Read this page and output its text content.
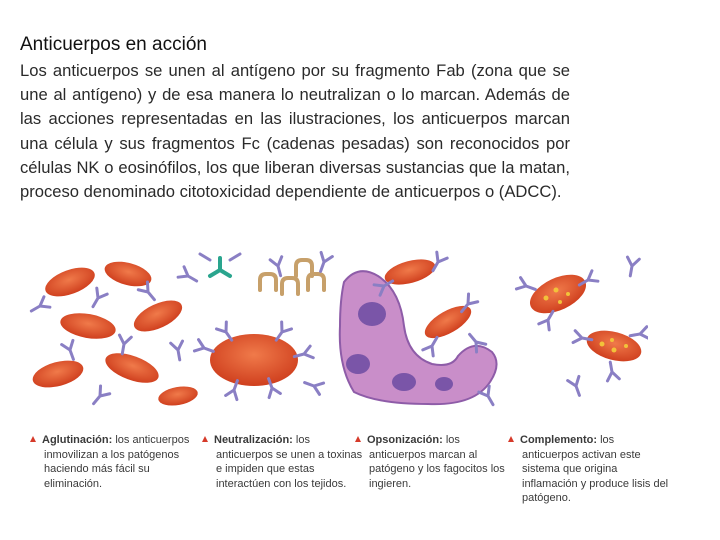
Anticuerpos en acción
Los anticuerpos se unen al antígeno por su fragmento Fab (zona que se une al antígeno) y de esa manera lo neutralizan o lo marcan. Además de las acciones representadas en las ilustraciones, los anticuerpos marcan una célula y sus fragmentos Fc (cadenas pesadas) son reconocidos por células NK o eosinófilos, los que liberan diversas sustancias que la matan, proceso denominado citotoxicidad dependiente de anticuerpos o (ADCC).
Aglutinación: los anticuerpos inmovilizan a los patógenos haciendo más fácil su eliminación.
Neutralización: los anticuerpos se unen a toxinas e impiden que estas interactúen con los tejidos.
Opsonización: los anticuerpos marcan al patógeno y los fagocitos los ingieren.
Complemento: los anticuerpos activan este sistema que origina inflamación y produce lisis del patógeno.
